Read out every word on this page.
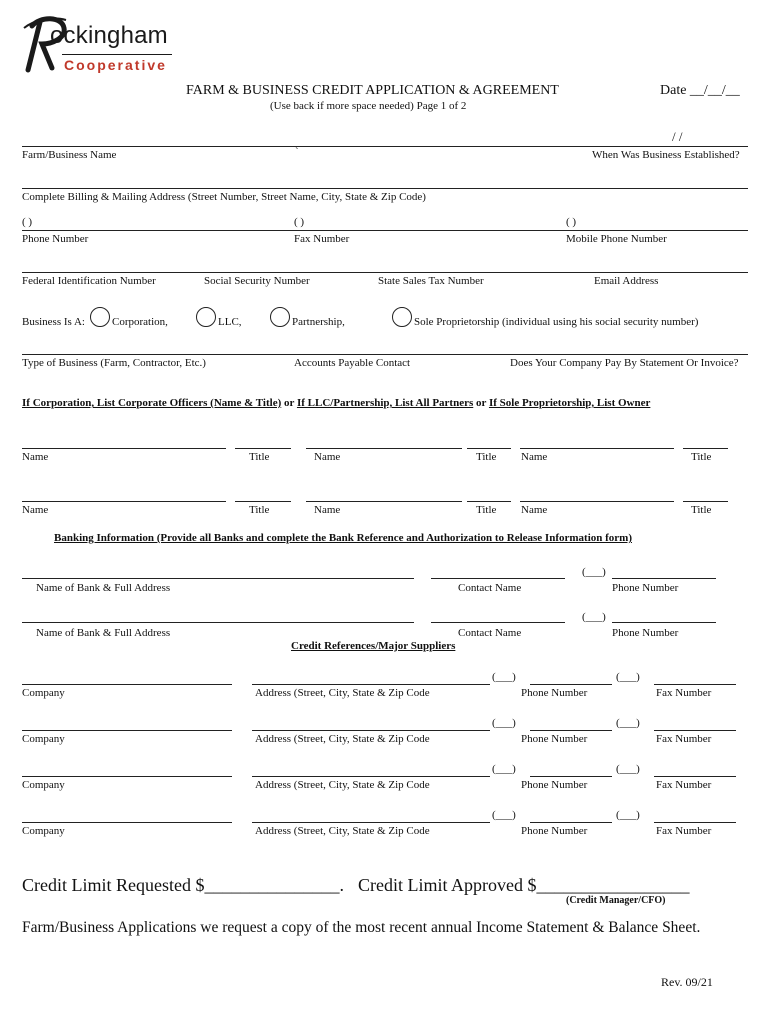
ockingham
Cooperative
FARM & BUSINESS CREDIT APPLICATION & AGREEMENT	Date __/__/__
(Use back if more space needed) Page 1 of 2
/ /
Farm/Business Name	`	When Was Business Established?
Complete Billing & Mailing Address (Street Number, Street Name, City, State & Zip Code)
( )	( )	( )
Phone Number	Fax Number	Mobile Phone Number
Federal Identification Number	Social Security Number	State Sales Tax Number	Email Address
Business Is A: Corporation,	LLC,	Partnership,	Sole Proprietorship (individual using his social security number)
Type of Business (Farm, Contractor, Etc.)	Accounts Payable Contact	Does Your Company Pay By Statement Or Invoice?
If Corporation, List Corporate Officers (Name & Title) or If LLC/Partnership, List All Partners or If Sole Proprietorship, List Owner
Name	Title	Name	Title Name	Title
Name	Title	Name	Title Name	Title
Banking Information (Provide all Banks and complete the Bank Reference and Authorization to Release Information form)
(___)
Name of Bank & Full Address	Contact Name	Phone Number
(___)
Name of Bank & Full Address	Contact Name	Phone Number
Credit References/Major Suppliers
(___)	(___)
Company	Address (Street, City, State & Zip Code	Phone Number	Fax Number
(___)	(___)
Company	Address (Street, City, State & Zip Code	Phone Number	Fax Number
(___)	(___)
Company	Address (Street, City, State & Zip Code	Phone Number	Fax Number
(___)	(___)
Company	Address (Street, City, State & Zip Code	Phone Number	Fax Number
Credit Limit Requested $_______________. Credit Limit Approved $_________________
(Credit Manager/CFO)
Farm/Business Applications we request a copy of the most recent annual Income Statement & Balance Sheet.
Rev. 09/21
